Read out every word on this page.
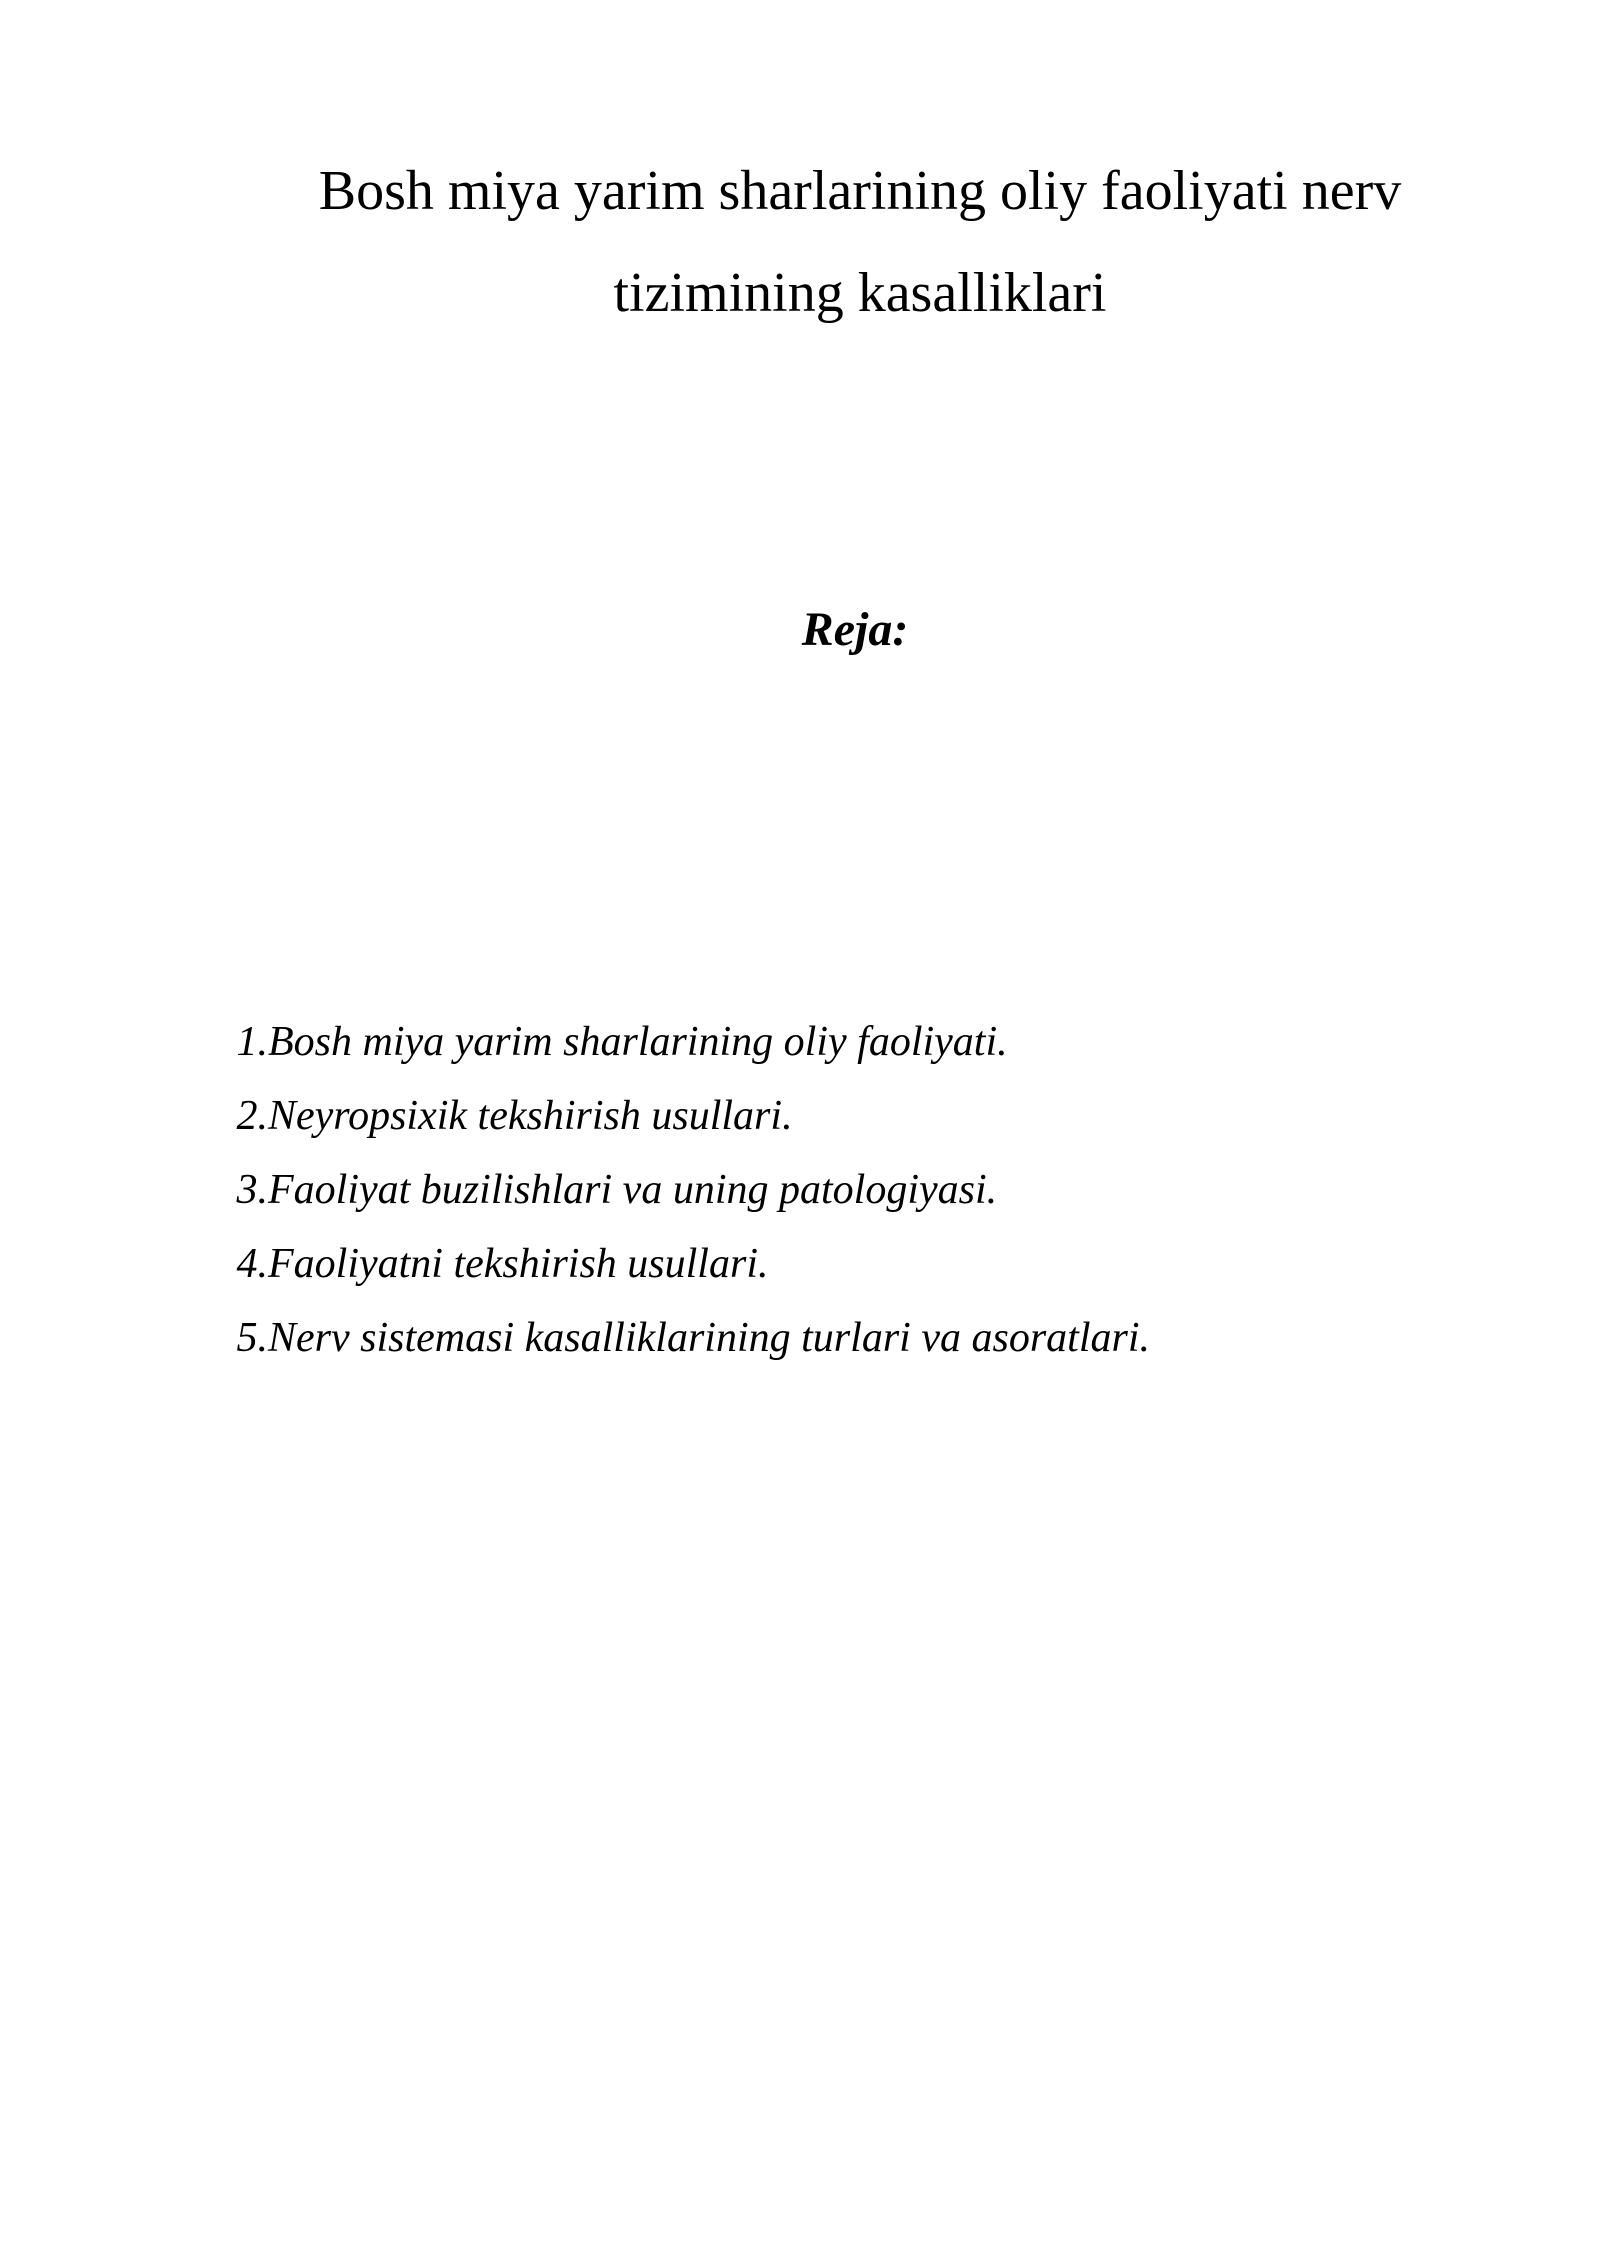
Bosh miya yarim sharlarining oliy faoliyati nerv tizimining kasalliklari
Reja:
1. Bosh miya yarim sharlarining oliy faoliyati.
2. Neyropsixik tekshirish usullari.
3. Faoliyat buzilishlari va uning patologiyasi.
4. Faoliyatni tekshirish usullari.
5. Nerv sistemasi kasalliklarining turlari va asoratlari.
